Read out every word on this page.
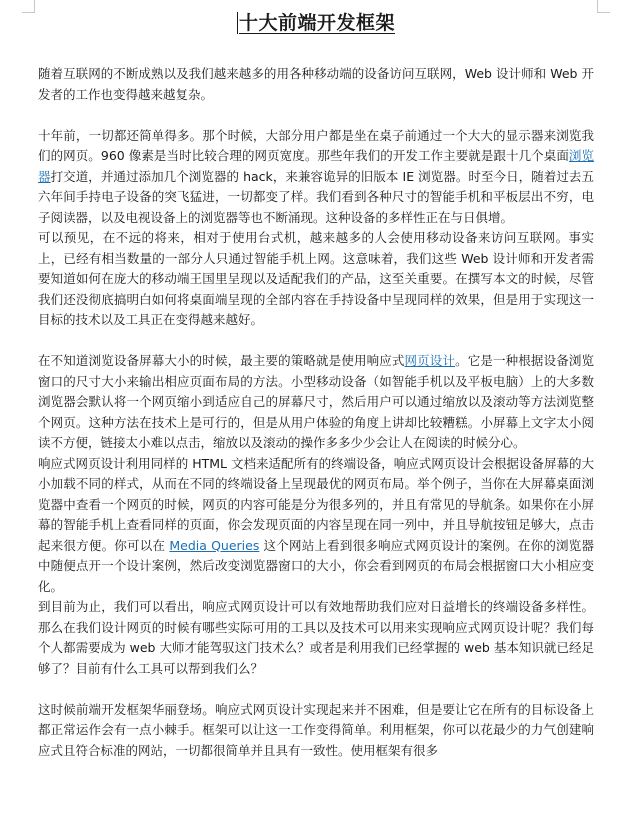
十大前端开发框架

随着互联网的不断成熟以及我们越来越多的用各种移动端的设备访问互联网，Web 设计师和 Web 开发者的工作也变得越来越复杂。

十年前，一切都还简单得多。那个时候，大部分用户都是坐在桌子前通过一个大大的显示器来浏览我们的网页。960 像素是当时比较合理的网页宽度。那些年我们的开发工作主要就是跟十几个桌面浏览器打交道，并通过添加几个浏览器的 hack，来兼容诡异的旧版本 IE 浏览器。时至今日，随着过去五六年间手持电子设备的突飞猛进，一切都变了样。我们看到各种尺寸的智能手机和平板层出不穷，电子阅读器，以及电视设备上的浏览器等也不断涌现。这种设备的多样性正在与日俱增。

可以预见，在不远的将来，相对于使用台式机，越来越多的人会使用移动设备来访问互联网。事实上，已经有相当数量的一部分人只通过智能手机上网。这意味着，我们这些 Web 设计师和开发者需要知道如何在庞大的移动端王国里呈现以及适配我们的产品，这至关重要。在撰写本文的时候，尽管我们还没彻底搞明白如何将桌面端呈现的全部内容在手持设备中呈现同样的效果，但是用于实现这一目标的技术以及工具正在变得越来越好。

在不知道浏览设备屏幕大小的时候，最主要的策略就是使用响应式网页设计。它是一种根据设备浏览窗口的尺寸大小来输出相应页面布局的方法。小型移动设备（如智能手机以及平板电脑）上的大多数浏览器会默认将一个网页缩小到适应自己的屏幕尺寸，然后用户可以通过缩放以及滚动等方法浏览整个网页。这种方法在技术上是可行的，但是从用户体验的角度上讲却比较糟糕。小屏幕上文字太小阅读不方便，链接太小难以点击，缩放以及滚动的操作多多少少会让人在阅读的时候分心。

响应式网页设计利用同样的 HTML 文档来适配所有的终端设备，响应式网页设计会根据设备屏幕的大小加载不同的样式，从而在不同的终端设备上呈现最优的网页布局。举个例子，当你在大屏幕桌面浏览器中查看一个网页的时候，网页的内容可能是分为很多列的，并且有常见的导航条。如果你在小屏幕的智能手机上查看同样的页面，你会发现页面的内容呈现在同一列中，并且导航按钮足够大，点击起来很方便。你可以在 Media Queries 这个网站上看到很多响应式网页设计的案例。在你的浏览器中随便点开一个设计案例，然后改变浏览器窗口的大小，你会看到网页的布局会根据窗口大小相应变化。

到目前为止，我们可以看出，响应式网页设计可以有效地帮助我们应对日益增长的终端设备多样性。那么在我们设计网页的时候有哪些实际可用的工具以及技术可以用来实现响应式网页设计呢？我们每个人都需要成为 web 大师才能驾驭这门技术么？或者是利用我们已经掌握的 web 基本知识就已经足够了？目前有什么工具可以帮到我们么？

这时候前端开发框架华丽登场。响应式网页设计实现起来并不困难，但是要让它在所有的目标设备上都正常运作会有一点小棘手。框架可以让这一工作变得简单。利用框架，你可以花最少的力气创建响应式且符合标准的网站，一切都很简单并且具有一致性。使用框架有很多
